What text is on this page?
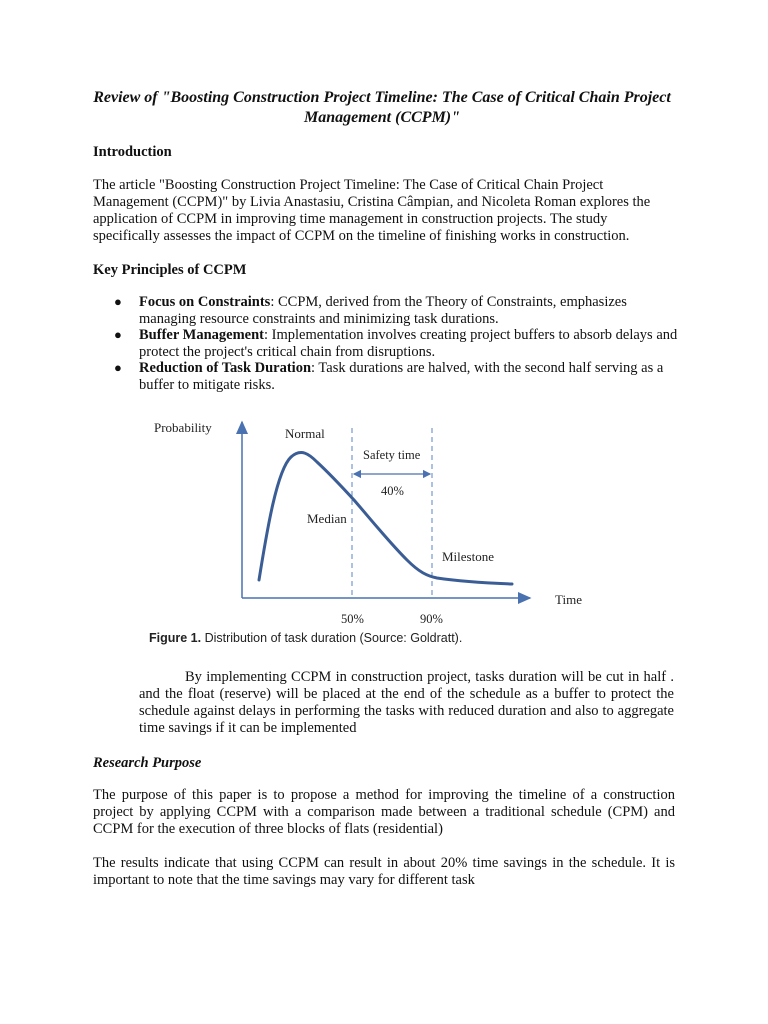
Review of "Boosting Construction Project Timeline: The Case of Critical Chain Project Management (CCPM)"
Introduction

The article "Boosting Construction Project Timeline: The Case of Critical Chain Project Management (CCPM)" by Livia Anastasiu, Cristina Câmpian, and Nicoleta Roman explores the application of CCPM in improving time management in construction projects. The study specifically assesses the impact of CCPM on the timeline of finishing works in construction.

Key Principles of CCPM
● Focus on Constraints: CCPM, derived from the Theory of Constraints, emphasizes managing resource constraints and minimizing task durations.
● Buffer Management: Implementation involves creating project buffers to absorb delays and protect the project's critical chain from disruptions.
● Reduction of Task Duration: Task durations are halved, with the second half serving as a buffer to mitigate risks.
Probability	Normal
Safety time
40%
Median
Milestone
50%	90%
Time
Figure 1. Distribution of task duration (Source: Goldratt).

By implementing CCPM in construction project, tasks duration will be cut in half . and the float (reserve) will be placed at the end of the schedule as a buffer to protect the schedule against delays in performing the tasks with reduced duration and also to aggregate time savings if it can be implemented

Research Purpose

The purpose of this paper is to propose a method for improving the timeline of a construction project by applying CCPM with a comparison made between a traditional schedule (CPM) and CCPM for the execution of three blocks of flats (residential)

The results indicate that using CCPM can result in about 20% time savings in the schedule. It is important to note that the time savings may vary for different task
